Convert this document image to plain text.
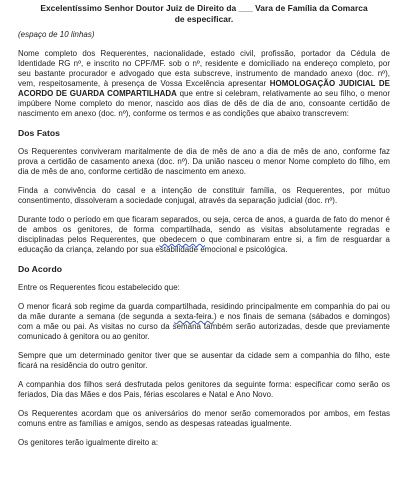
Excelentíssimo Senhor Doutor Juiz de Direito da ___ Vara de Família da Comarca
de especificar.
(espaço de 10 linhas)

Nome completo dos Requerentes, nacionalidade, estado civil, profissão, portador da Cédula de Identidade RG nº, e inscrito no CPF/MF. sob o nº, residente e domiciliado na endereço completo, por seu bastante procurador e advogado que esta subscreve, instrumento de mandado anexo (doc. nº), vem, respeitosamente, à presença de Vossa Excelência apresentar HOMOLOGAÇÃO JUDICIAL DE ACORDO DE GUARDA COMPARTILHADA que entre si celebram, relativamente ao seu filho, o menor impúbere Nome completo do menor, nascido aos dias de dês de dia de ano, consoante certidão de nascimento em anexo (doc. nº), conforme os termos e as condições que abaixo transcrevem:

Dos Fatos

Os Requerentes conviveram maritalmente de dia de mês de ano a dia de mês de ano, conforme faz prova a certidão de casamento anexa (doc. nº). Da união nasceu o menor Nome completo do filho, em dia de mês de ano, conforme certidão de nascimento em anexo.

Finda a convivência do casal e a intenção de constituir família, os Requerentes, por mútuo consentimento, dissolveram a sociedade conjugal, através da separação judicial (doc. nº).

Durante todo o período em que ficaram separados, ou seja, cerca de anos, a guarda de fato do menor é de ambos os genitores, de forma compartilhada, sendo as visitas absolutamente regradas e disciplinadas pelos Requerentes, que obedecem o que combinaram entre si, a fim de resguardar a educação da criança, zelando por sua estabilidade emocional e psicológica.

Do Acordo

Entre os Requerentes ficou estabelecido que:

O menor ficará sob regime da guarda compartilhada, residindo principalmente em companhia do pai ou da mãe durante a semana (de segunda a sexta-feira.) e nos finais de semana (sábados e domingos) com a mãe ou pai. As visitas no curso da semana também serão autorizadas, desde que previamente comunicado à genitora ou ao genitor.

Sempre que um determinado genitor tiver que se ausentar da cidade sem a companhia do filho, este ficará na residência do outro genitor.

A companhia dos filhos será desfrutada pelos genitores da seguinte forma: especificar como serão os feriados, Dia das Mães e dos Pais, férias escolares e Natal e Ano Novo.

Os Requerentes acordam que os aniversários do menor serão comemorados por ambos, em festas comuns entre as famílias e amigos, sendo as despesas rateadas igualmente.

Os genitores terão igualmente direito a:
